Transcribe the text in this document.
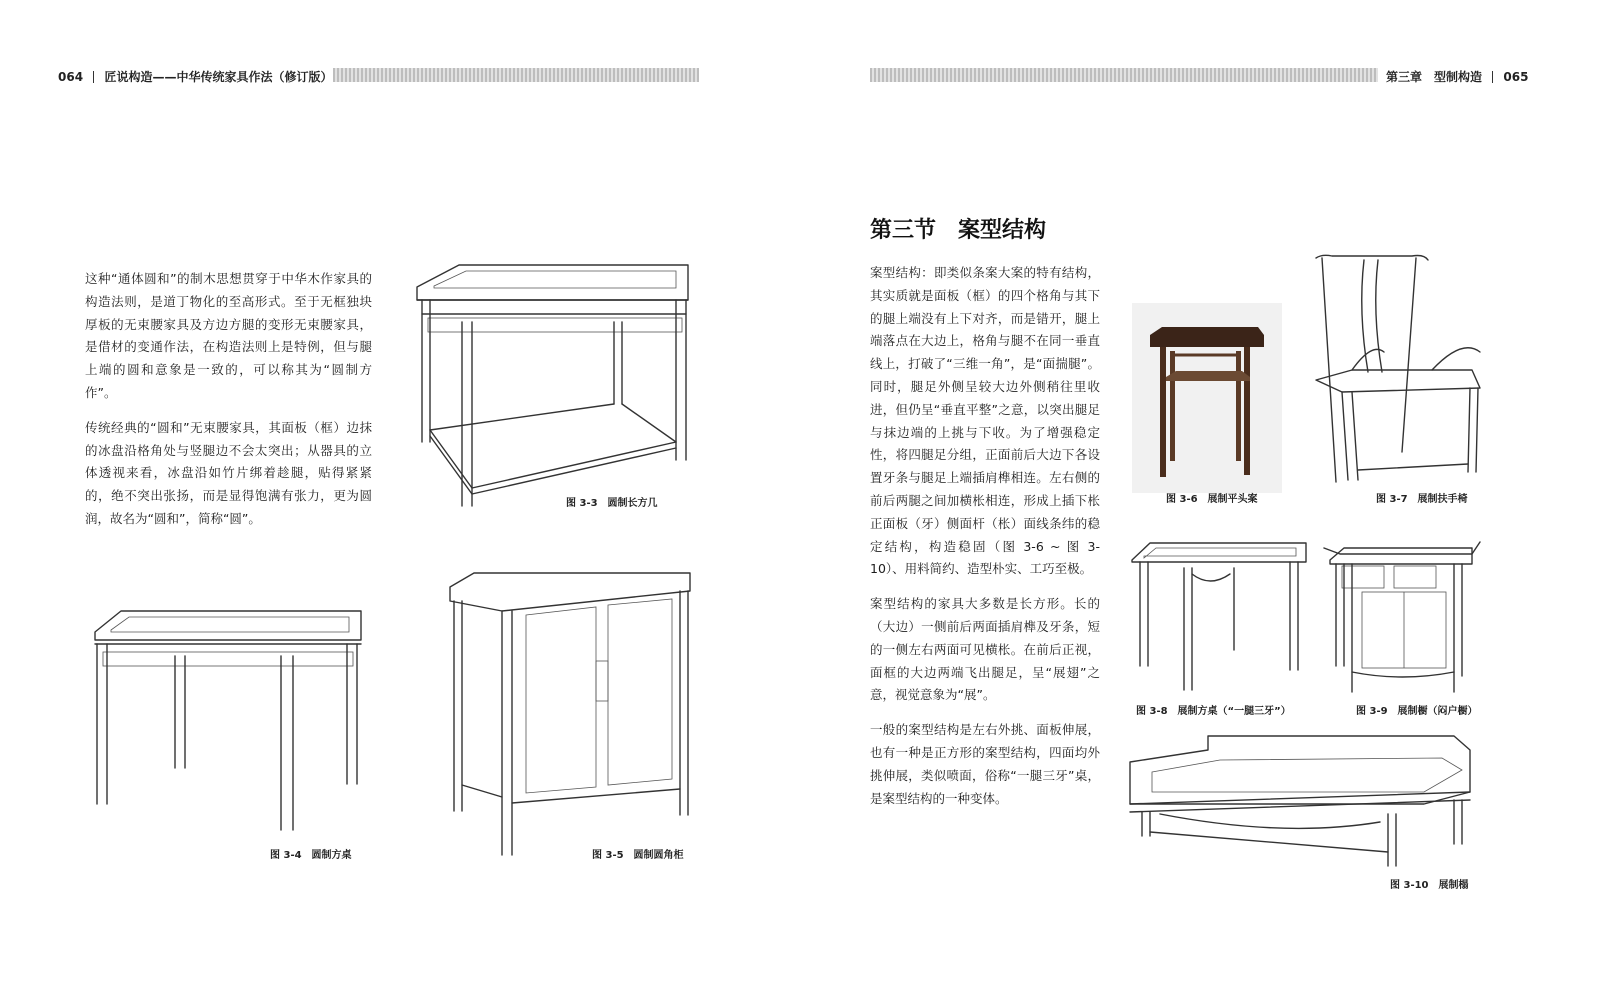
064 匠说构造——中华传统家具作法（修订版）

这种“通体圆和”的制木思想贯穿于中华木作家具的构造法则，是道丁物化的至高形式。至于无框独块厚板的无束腰家具及方边方腿的变形无束腰家具，是借材的变通作法，在构造法则上是特例，但与腿上端的圆和意象是一致的，可以称其为“圆制方作”。

传统经典的“圆和”无束腰家具，其面板（框）边抹的冰盘沿格角处与竖腿边不会太突出；从器具的立体透视来看，冰盘沿如竹片绑着趁腿，贴得紧紧的，绝不突出张扬，而是显得饱满有张力，更为圆润，故名为“圆和”，简称“圆”。

图 3-3　圆制长方几
图 3-4　圆制方桌	图 3-5　圆制圆角柜
第三章　型制构造 065
第三节　案型结构

案型结构：即类似条案大案的特有结构，其实质就是面板（框）的四个格角与其下的腿上端没有上下对齐，而是错开，腿上端落点在大边上，格角与腿不在同一垂直线上，打破了“三维一角”，是“面揣腿”。同时，腿足外侧呈较大边外侧稍往里收进，但仍呈“垂直平整”之意，以突出腿足与抹边端的上挑与下收。为了增强稳定性，将四腿足分组，正面前后大边下各设置牙条与腿足上端插肩榫相连。左右侧的前后两腿之间加横枨相连，形成上插下枨正面板（牙）侧面杆（枨）面线条纬的稳定结构，构造稳固（图 3-6 ~ 图 3-10）、用料简约、造型朴实、工巧至极。

案型结构的家具大多数是长方形。长的（大边）一侧前后两面插肩榫及牙条，短的一侧左右两面可见横枨。在前后正视，面框的大边两端飞出腿足，呈“展翅”之意，视觉意象为“展”。

一般的案型结构是左右外挑、面板伸展，也有一种是正方形的案型结构，四面均外挑伸展，类似喷面，俗称“一腿三牙”桌，是案型结构的一种变体。

图 3-6　展制平头案	图 3-7　展制扶手椅
图 3-8　展制方桌（“一腿三牙”）	图 3-9　展制橱（闷户橱）
图 3-10　展制榻
